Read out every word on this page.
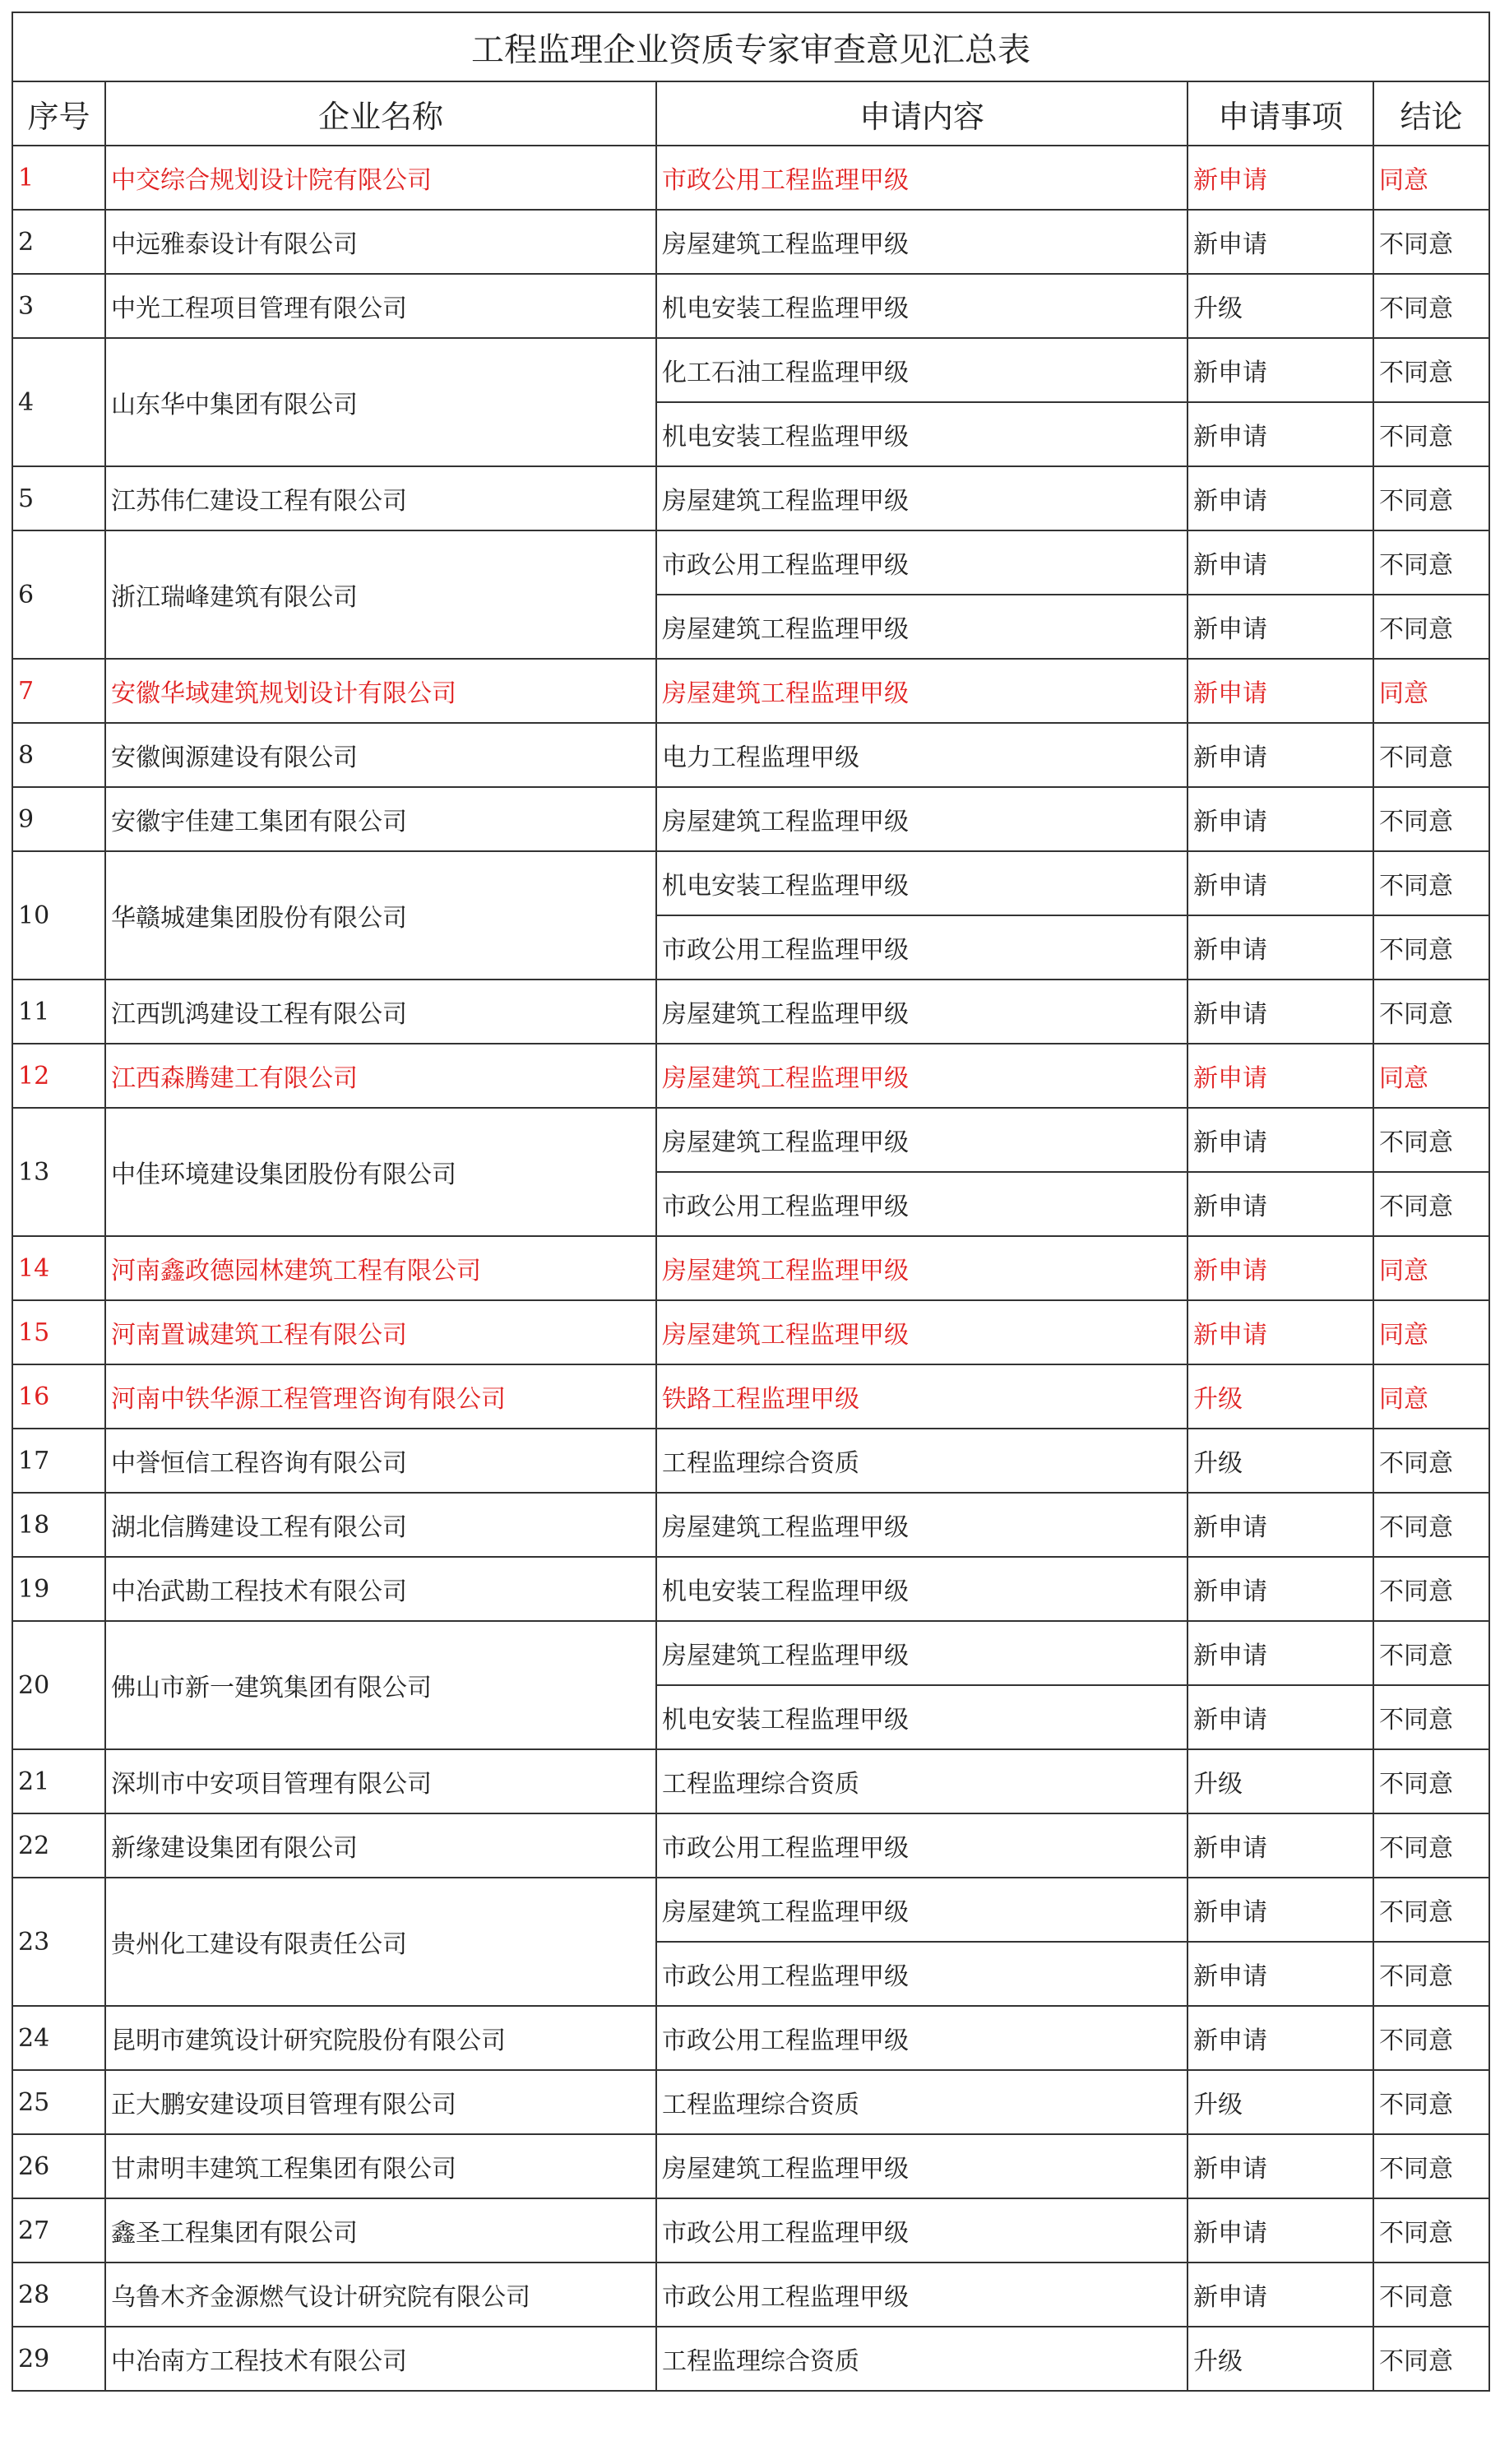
工程监理企业资质专家审查意见汇总表				
序号	企业名称	申请内容	申请事项	结论
1	中交综合规划设计院有限公司	市政公用工程监理甲级	新申请	同意
2	中远雅泰设计有限公司	房屋建筑工程监理甲级	新申请	不同意
3	中光工程项目管理有限公司	机电安装工程监理甲级	升级	不同意
4	山东华中集团有限公司	化工石油工程监理甲级	新申请	不同意
		机电安装工程监理甲级	新申请	不同意
5	江苏伟仁建设工程有限公司	房屋建筑工程监理甲级	新申请	不同意
6	浙江瑞峰建筑有限公司	市政公用工程监理甲级	新申请	不同意
		房屋建筑工程监理甲级	新申请	不同意
7	安徽华域建筑规划设计有限公司	房屋建筑工程监理甲级	新申请	同意
8	安徽闽源建设有限公司	电力工程监理甲级	新申请	不同意
9	安徽宇佳建工集团有限公司	房屋建筑工程监理甲级	新申请	不同意
10	华赣城建集团股份有限公司	机电安装工程监理甲级	新申请	不同意
		市政公用工程监理甲级	新申请	不同意
11	江西凯鸿建设工程有限公司	房屋建筑工程监理甲级	新申请	不同意
12	江西森腾建工有限公司	房屋建筑工程监理甲级	新申请	同意
13	中佳环境建设集团股份有限公司	房屋建筑工程监理甲级	新申请	不同意
		市政公用工程监理甲级	新申请	不同意
14	河南鑫政德园林建筑工程有限公司	房屋建筑工程监理甲级	新申请	同意
15	河南置诚建筑工程有限公司	房屋建筑工程监理甲级	新申请	同意
16	河南中铁华源工程管理咨询有限公司	铁路工程监理甲级	升级	同意
17	中誉恒信工程咨询有限公司	工程监理综合资质	升级	不同意
18	湖北信腾建设工程有限公司	房屋建筑工程监理甲级	新申请	不同意
19	中冶武勘工程技术有限公司	机电安装工程监理甲级	新申请	不同意
20	佛山市新一建筑集团有限公司	房屋建筑工程监理甲级	新申请	不同意
		机电安装工程监理甲级	新申请	不同意
21	深圳市中安项目管理有限公司	工程监理综合资质	升级	不同意
22	新缘建设集团有限公司	市政公用工程监理甲级	新申请	不同意
23	贵州化工建设有限责任公司	房屋建筑工程监理甲级	新申请	不同意
		市政公用工程监理甲级	新申请	不同意
24	昆明市建筑设计研究院股份有限公司	市政公用工程监理甲级	新申请	不同意
25	正大鹏安建设项目管理有限公司	工程监理综合资质	升级	不同意
26	甘肃明丰建筑工程集团有限公司	房屋建筑工程监理甲级	新申请	不同意
27	鑫圣工程集团有限公司	市政公用工程监理甲级	新申请	不同意
28	乌鲁木齐金源燃气设计研究院有限公司	市政公用工程监理甲级	新申请	不同意
29	中冶南方工程技术有限公司	工程监理综合资质	升级	不同意
